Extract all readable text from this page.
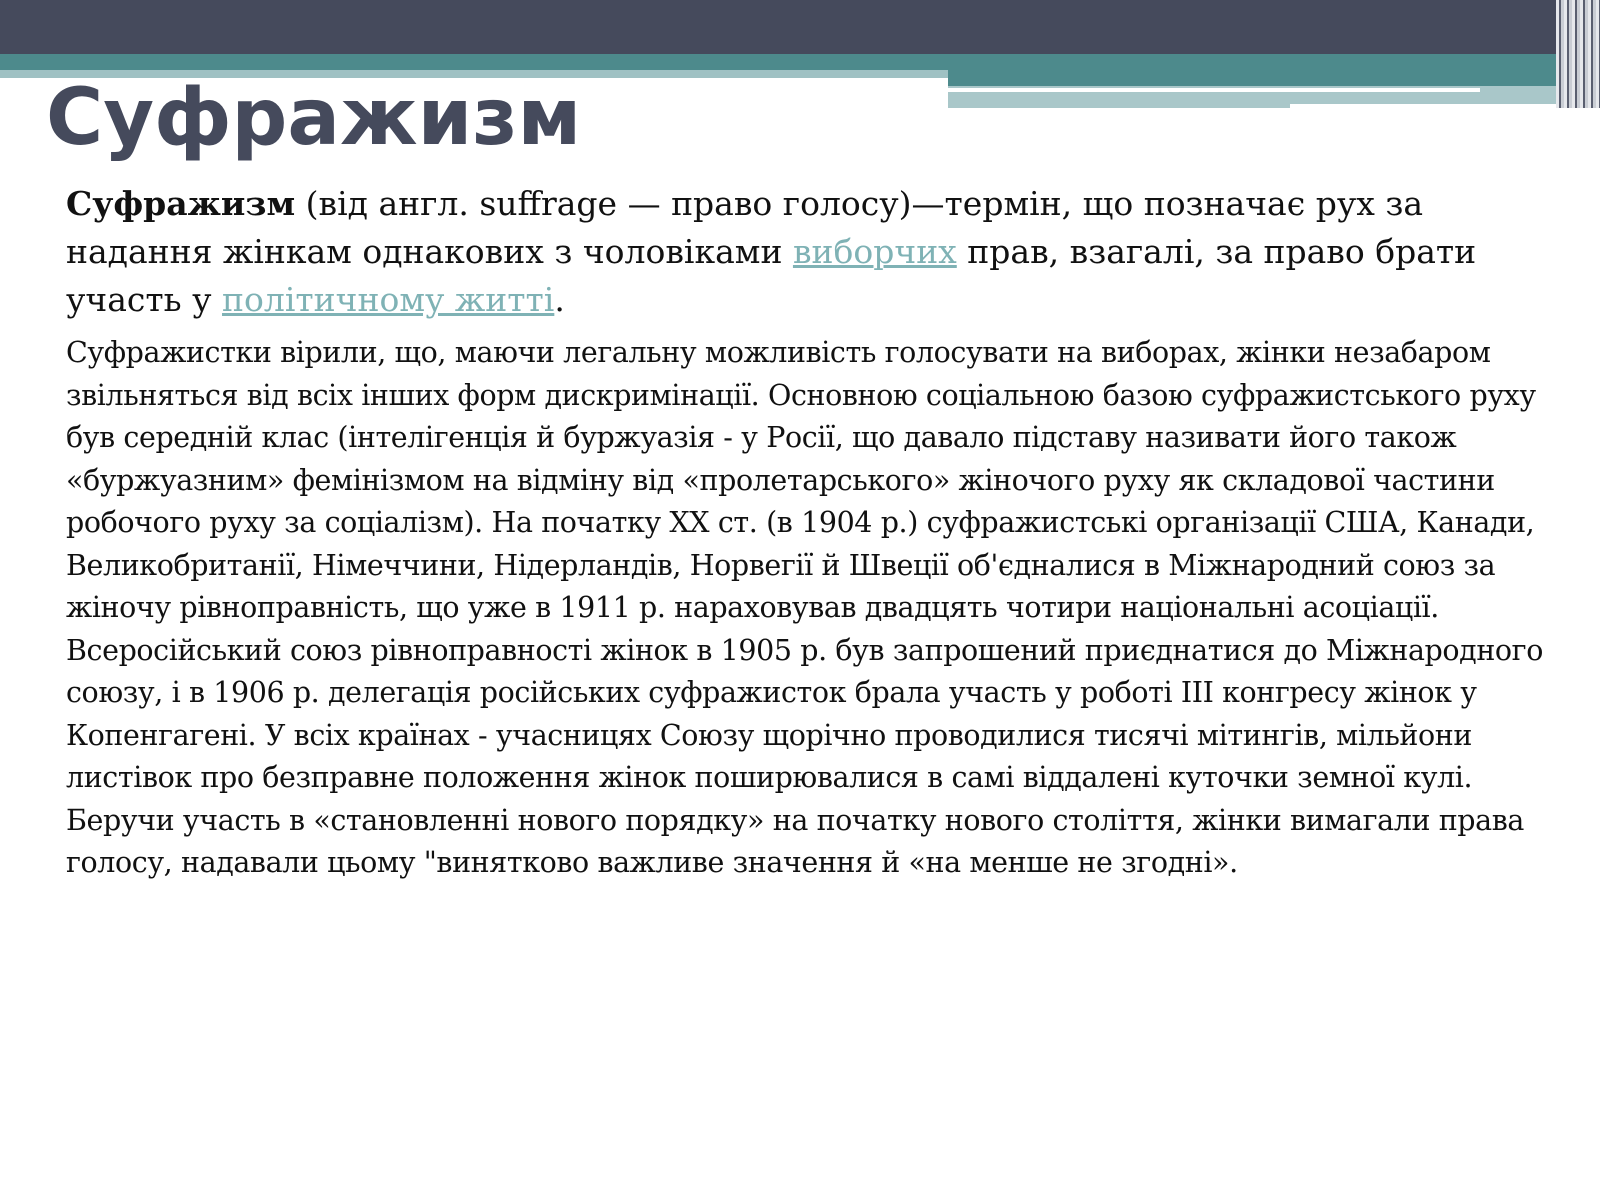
Суфражизм

Суфражизм (від англ. suffrage — право голосу)—термін, що позначає рух за надання жінкам однакових з чоловіками виборчих прав, взагалі, за право брати участь у політичному житті.

Суфражистки вірили, що, маючи легальну можливість голосувати на виборах, жінки незабаром звільняться від всіх інших форм дискримінації. Основною соціальною базою суфражистського руху був середній клас (інтелігенція й буржуазія - у Росії, що давало підставу називати його також «буржуазним» фемінізмом на відміну від «пролетарського» жіночого руху як складової частини робочого руху за соціалізм). На початку XX ст. (в 1904 р.) суфражистські організації США, Канади, Великобританії, Німеччини, Нідерландів, Норвегії й Швеції об'єдналися в Міжнародний союз за жіночу рівноправність, що уже в 1911 р. нараховував двадцять чотири національні асоціації. Всеросійський союз рівноправності жінок в 1905 р. був запрошений приєднатися до Міжнародного союзу, і в 1906 р. делегація російських суфражисток брала участь у роботі III конгресу жінок у Копенгагені. У всіх країнах - учасницях Союзу щорічно проводилися тисячі мітингів, мільйони листівок про безправне положення жінок поширювалися в самі віддалені куточки земної кулі. Беручи участь в «становленні нового порядку» на початку нового століття, жінки вимагали права голосу, надавали цьому "винятково важливе значення й «на менше не згодні».
